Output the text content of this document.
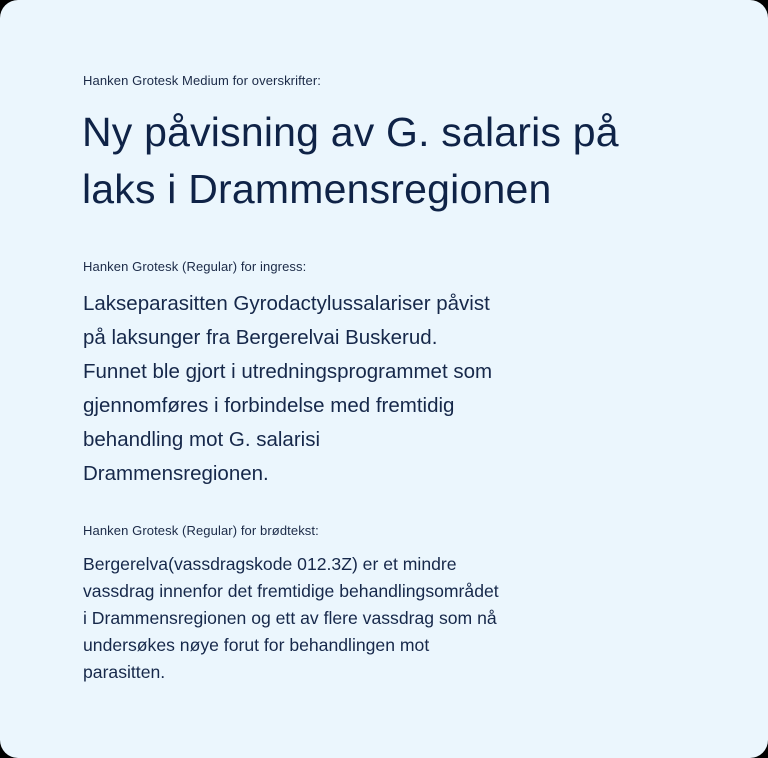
Hanken Grotesk Medium for overskrifter:
Ny påvisning av G. salaris på
laks i Drammensregionen
Hanken Grotesk (Regular) for ingress:
Lakseparasitten Gyrodactylussalariser påvist
på laksunger fra Bergerelvai Buskerud.
Funnet ble gjort i utredningsprogrammet som
gjennomføres i forbindelse med fremtidig
behandling mot G. salarisi
Drammensregionen.
Hanken Grotesk (Regular) for brødtekst:
Bergerelva(vassdragskode 012.3Z) er et mindre
vassdrag innenfor det fremtidige behandlingsområdet
i Drammensregionen og ett av flere vassdrag som nå
undersøkes nøye forut for behandlingen mot
parasitten.
